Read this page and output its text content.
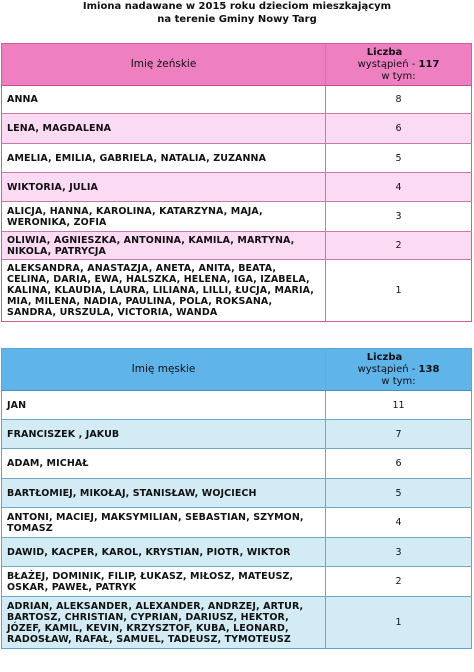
Imiona nadawane w 2015 roku dzieciom mieszkającym
na terenie Gminy Nowy Targ
Imię żeńskie	Liczba
wystąpień - 117
w tym:

ANNA	8
LENA, MAGDALENA	6
AMELIA, EMILIA, GABRIELA, NATALIA, ZUZANNA	5
WIKTORIA, JULIA	4
ALICJA, HANNA, KAROLINA, KATARZYNA, MAJA, WERONIKA, ZOFIA	3
OLIWIA, AGNIESZKA, ANTONINA, KAMILA, MARTYNA, NIKOLA, PATRYCJA	2
ALEKSANDRA, ANASTAZJA, ANETA, ANITA, BEATA, CELINA, DARIA, EWA, HALSZKA, HELENA, IGA, IZABELA, KALINA, KLAUDIA, LAURA, LILIANA, LILLI, ŁUCJA, MARIA, MIA, MILENA, NADIA, PAULINA, POLA, ROKSANA, SANDRA, URSZULA, VICTORIA, WANDA	1
Imię męskie	Liczba
wystąpień - 138
w tym:

JAN	11
FRANCISZEK , JAKUB	7
ADAM, MICHAŁ	6
BARTŁOMIEJ, MIKOŁAJ, STANISŁAW, WOJCIECH	5
ANTONI, MACIEJ, MAKSYMILIAN, SEBASTIAN, SZYMON, TOMASZ	4
DAWID, KACPER, KAROL, KRYSTIAN, PIOTR, WIKTOR	3
BŁAŻEJ, DOMINIK, FILIP, ŁUKASZ, MIŁOSZ, MATEUSZ, OSKAR, PAWEŁ, PATRYK	2
ADRIAN, ALEKSANDER, ALEXANDER, ANDRZEJ, ARTUR, BARTOSZ, CHRISTIAN, CYPRIAN, DARIUSZ, HEKTOR, JÓZEF, KAMIL, KEVIN, KRZYSZTOF, KUBA, LEONARD, RADOSŁAW, RAFAŁ, SAMUEL, TADEUSZ, TYMOTEUSZ	1
